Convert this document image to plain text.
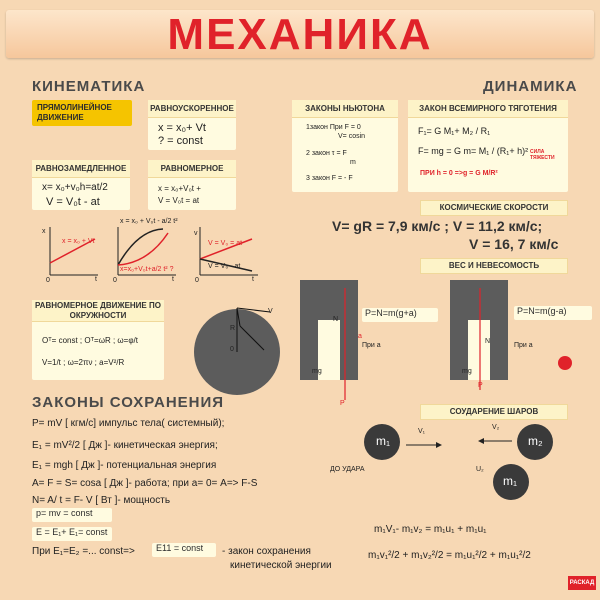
МЕХАНИКА
КИНЕМАТИКА
ПРЯМОЛИНЕЙНОЕ ДВИЖЕНИЕ
РАВНОУСКОРЕННОЕ
x = x₀+ Vt
? = const
РАВНОЗАМЕДЛЕННОЕ
x= x₀+v₀h=at/2
V = V₀t - at
РАВНОМЕРНОЕ
x = x₀+V₀t +
V = V₀t = at
x
x = x₀ + Vt
0	t
x = x₀ + V₀t - a/2 t²
x=x₀+V₀t+a/2 t² ?
0	t
v
V = V₀ = at
V = V₀ - at
0	t
РАВНОМЕРНОЕ ДВИЖЕНИЕ ПО ОКРУЖНОСТИ
Oᵀ= const ; Oᵀ=ωR ; ω=φ/t
V=1/t ; ω=2πν ; a=V²/R
R
V
0
ДИНАМИКА
ЗАКОНЫ НЬЮТОНА
1закон При F = 0
V= cosin
2 закон τ = F
m
3 закон F = - F
ЗАКОН ВСЕМИРНОГО ТЯГОТЕНИЯ
F₁= G M₁+ M₂ / R₁
F= mg = G m= M₁ / (R₁+ h)² СИЛА ТЯЖЕСТИ
ПРИ h = 0 =>g = G M/R²
КОСМИЧЕСКИЕ СКОРОСТИ
V= gR = 7,9 км/с ; V = 11,2 км/с;
V = 16, 7 км/с
ВЕС И НЕВЕСОМОСТЬ
N
a
mg
P
При a
P=N=m(g+a)
N
mg
P
При a
P=N=m(g-a)
ЗАКОНЫ СОХРАНЕНИЯ
P= mV [ кгм/с] импульс тела( системный);
E₁ = mV²/2 [ Дж ]- кинетическая энергия;
E₁ = mgh [ Дж ]- потенциальная энергия
A= F = S= cosa [ Дж ]- работа; при а= 0= A=> F-S
N= A/ t = F- V [ Вт ]- мощность
p= mv = const
E = E₁+ E₁= const
При E₁=E₂ =... const=>	E11 = const	- закон сохранения
кинетической энергии
СОУДАРЕНИЕ ШАРОВ
m₁	m₂
m₁
V₁
V₂
U₂
ДО УДАРА
m₁V₁- m₁v₂ = m₁u₁ + m₁u₁
m₁v₁²/2 + m₁v₂²/2 = m₁u₁²/2 + m₁u₁²/2
РАСКАД
